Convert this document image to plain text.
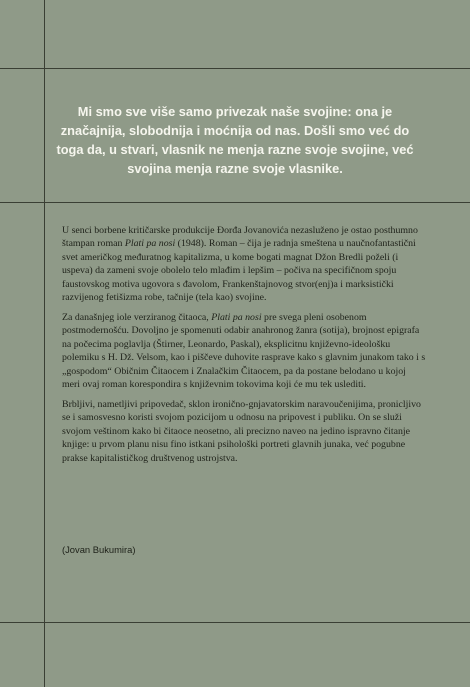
Mi smo sve više samo privezak naše svojine: ona je značajnija, slobodnija i moćnija od nas. Došli smo već do toga da, u stvari, vlasnik ne menja razne svoje svojine, već svojina menja razne svoje vlasnike.

U senci borbene kritičarske produkcije Đorđa Jovanovića nezasluženo je ostao posthumno štampan roman Plati pa nosi (1948). Roman – čija je radnja smeštena u naučnofantastični svet američkog međuratnog kapitalizma, u kome bogati magnat Džon Bredli poželi (i uspeva) da zameni svoje obolelo telo mlađim i lepšim – počiva na specifičnom spoju faustovskog motiva ugovora s đavolom, Frankenštajnovog stvor(enj)a i marksistički razvijenog fetišizma robe, tačnije (tela kao) svojine.

Za današnjeg iole verziranog čitaoca, Plati pa nosi pre svega pleni osobenom postmodernošću. Dovoljno je spomenuti odabir anahronog žanra (sotija), brojnost epigrafa na počecima poglavlja (Štirner, Leonardo, Paskal), eksplicitnu književno-ideološku polemiku s H. Dž. Velsom, kao i piščeve duhovite rasprave kako s glavnim junakom tako i s „gospodom“ Običnim Čitaocem i Znalačkim Čitaocem, pa da postane belodano u kojoj meri ovaj roman korespondira s književnim tokovima koji će mu tek uslediti.

Brbljivi, nametljivi pripovedač, sklon ironično-gnjavatorskim naravoučenijima, pronicljivo se i samosvesno koristi svojom pozicijom u odnosu na pripovest i publiku. On se služi svojom veštinom kako bi čitaoce neosetno, ali precizno naveo na jedino ispravno čitanje knjige: u prvom planu nisu fino istkani psihološki portreti glavnih junaka, već pogubne prakse kapitalističkog društvenog ustrojstva.

(Jovan Bukumira)
